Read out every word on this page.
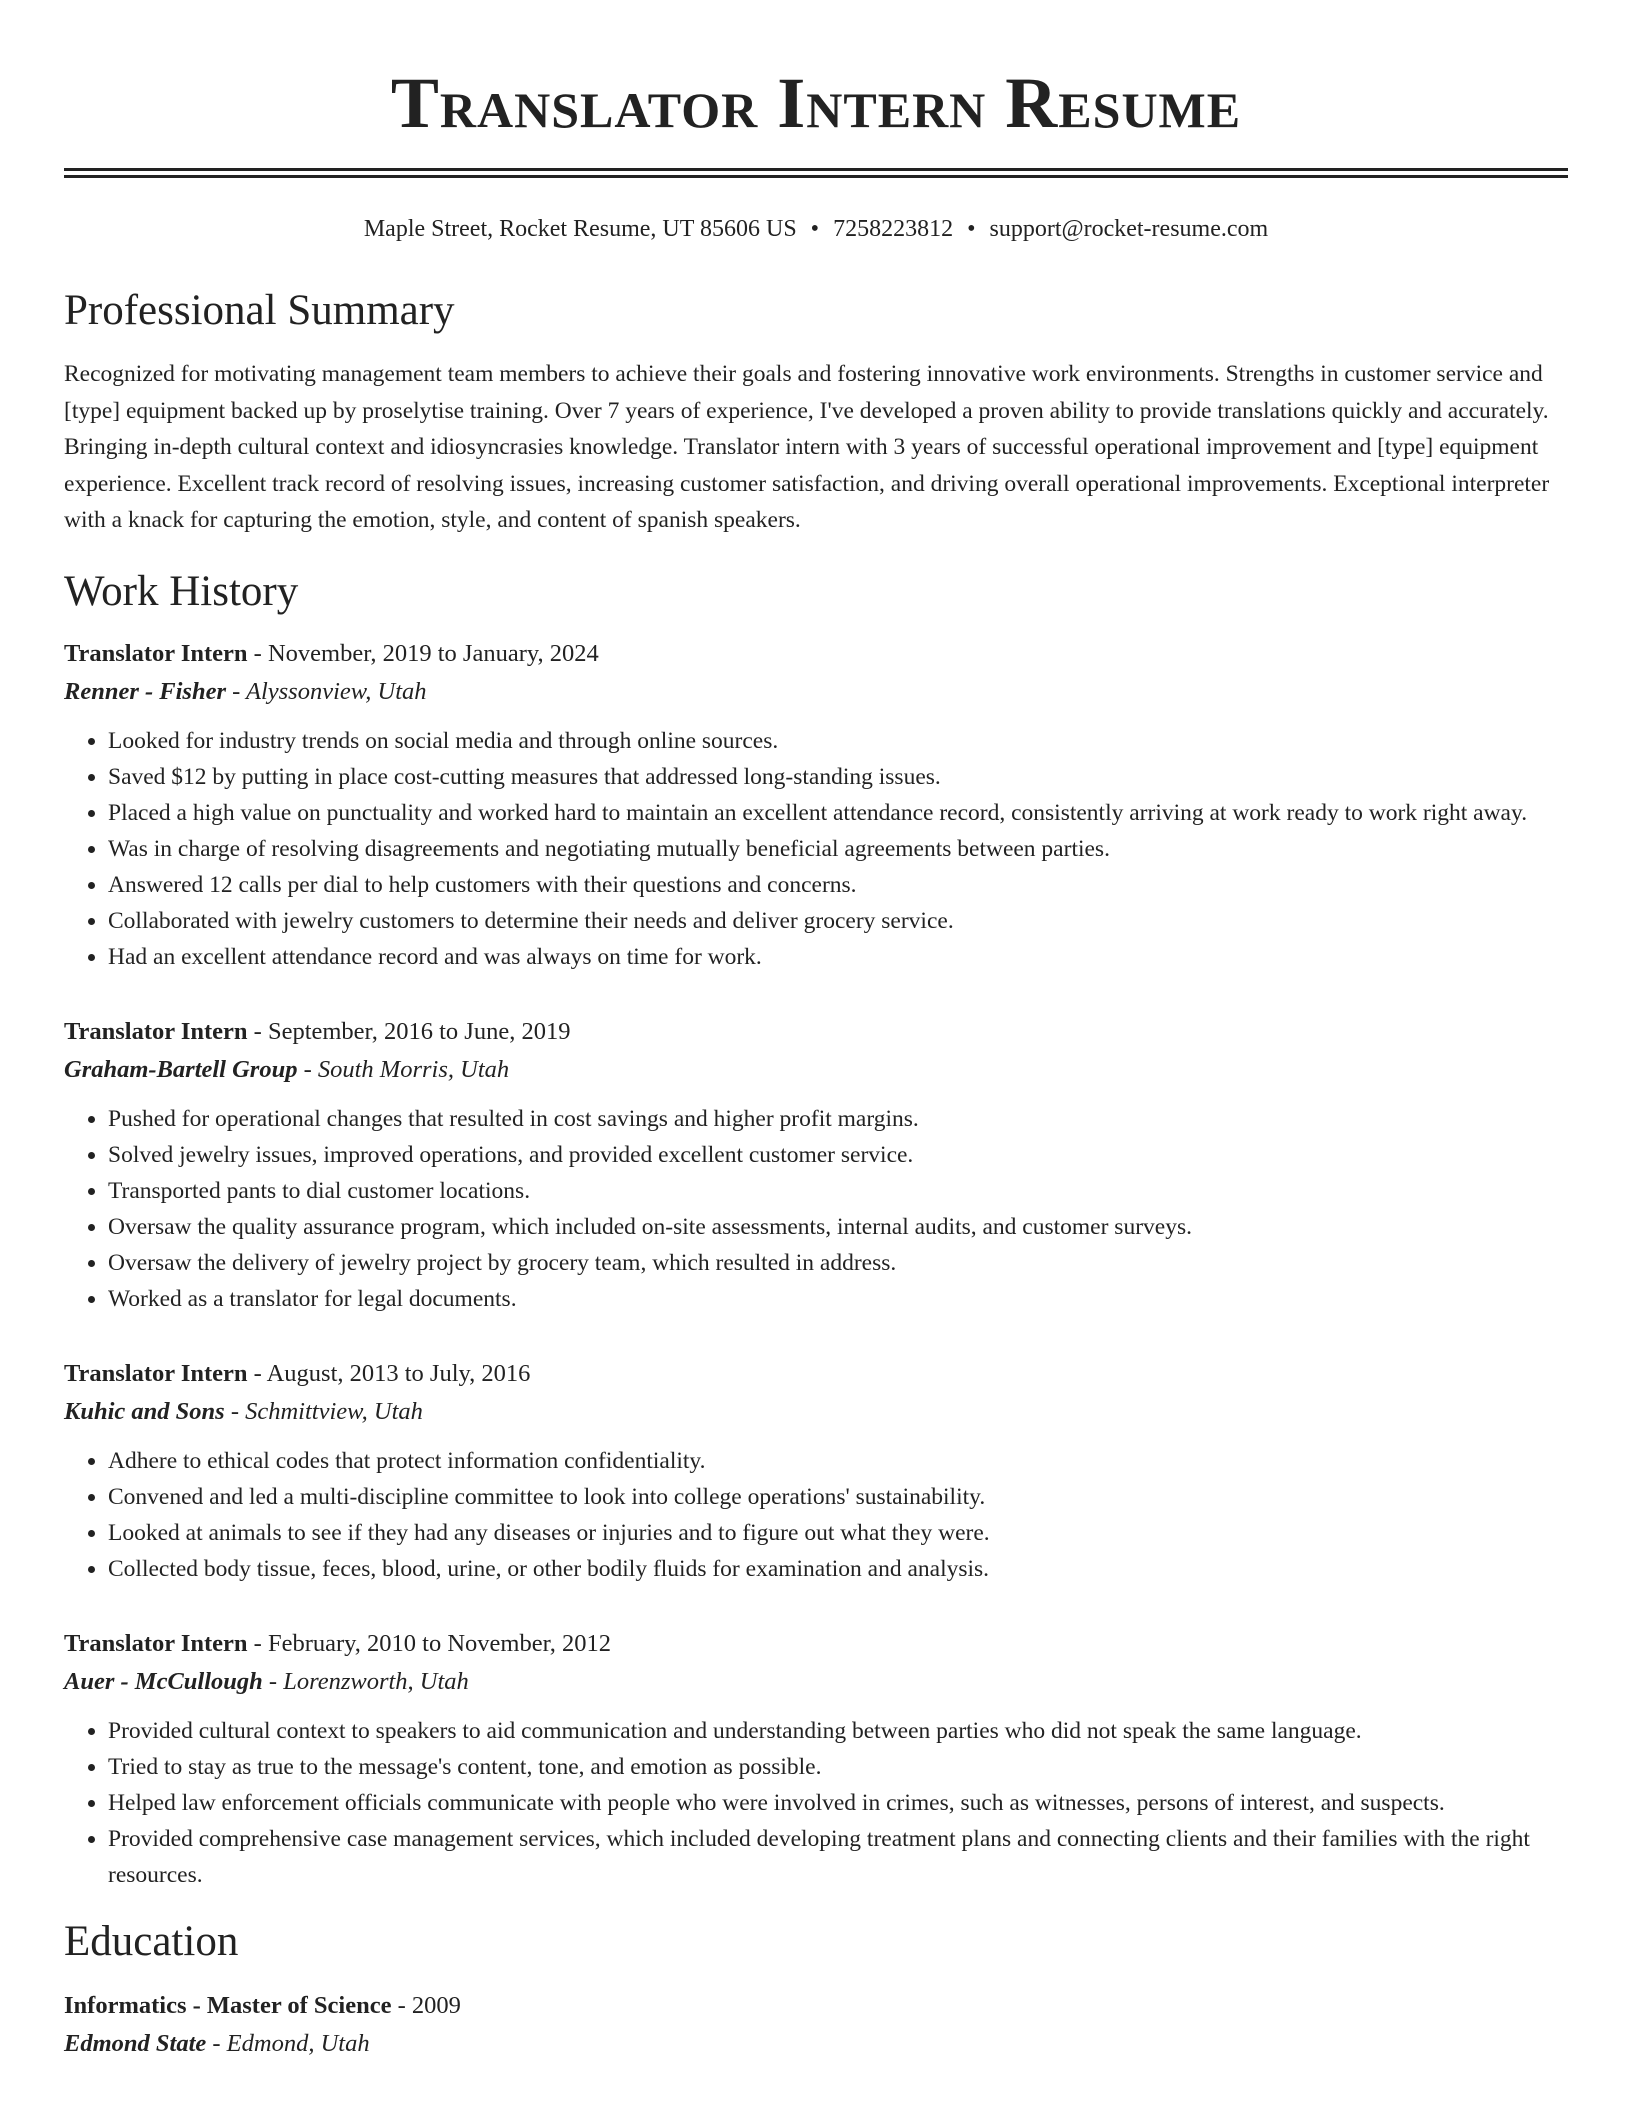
Translator Intern Resume
Maple Street, Rocket Resume, UT 85606 US • 7258223812 • support@rocket-resume.com
Professional Summary

Recognized for motivating management team members to achieve their goals and fostering innovative work environments. Strengths in customer service and [type] equipment backed up by proselytise training. Over 7 years of experience, I've developed a proven ability to provide translations quickly and accurately. Bringing in-depth cultural context and idiosyncrasies knowledge. Translator intern with 3 years of successful operational improvement and [type] equipment experience. Excellent track record of resolving issues, increasing customer satisfaction, and driving overall operational improvements. Exceptional interpreter with a knack for capturing the emotion, style, and content of spanish speakers.

Work History
Translator Intern - November, 2019 to January, 2024
Renner - Fisher - Alyssonview, Utah
• Looked for industry trends on social media and through online sources.
• Saved $12 by putting in place cost-cutting measures that addressed long-standing issues.
• Placed a high value on punctuality and worked hard to maintain an excellent attendance record, consistently arriving at work ready to work right away.
• Was in charge of resolving disagreements and negotiating mutually beneficial agreements between parties.
• Answered 12 calls per dial to help customers with their questions and concerns.
• Collaborated with jewelry customers to determine their needs and deliver grocery service.
• Had an excellent attendance record and was always on time for work.
Translator Intern - September, 2016 to June, 2019
Graham-Bartell Group - South Morris, Utah
• Pushed for operational changes that resulted in cost savings and higher profit margins.
• Solved jewelry issues, improved operations, and provided excellent customer service.
• Transported pants to dial customer locations.
• Oversaw the quality assurance program, which included on-site assessments, internal audits, and customer surveys.
• Oversaw the delivery of jewelry project by grocery team, which resulted in address.
• Worked as a translator for legal documents.
Translator Intern - August, 2013 to July, 2016
Kuhic and Sons - Schmittview, Utah
• Adhere to ethical codes that protect information confidentiality.
• Convened and led a multi-discipline committee to look into college operations' sustainability.
• Looked at animals to see if they had any diseases or injuries and to figure out what they were.
• Collected body tissue, feces, blood, urine, or other bodily fluids for examination and analysis.
Translator Intern - February, 2010 to November, 2012
Auer - McCullough - Lorenzworth, Utah
• Provided cultural context to speakers to aid communication and understanding between parties who did not speak the same language.
• Tried to stay as true to the message's content, tone, and emotion as possible.
• Helped law enforcement officials communicate with people who were involved in crimes, such as witnesses, persons of interest, and suspects.
• Provided comprehensive case management services, which included developing treatment plans and connecting clients and their families with the right resources.
Education
Informatics - Master of Science - 2009
Edmond State - Edmond, Utah
